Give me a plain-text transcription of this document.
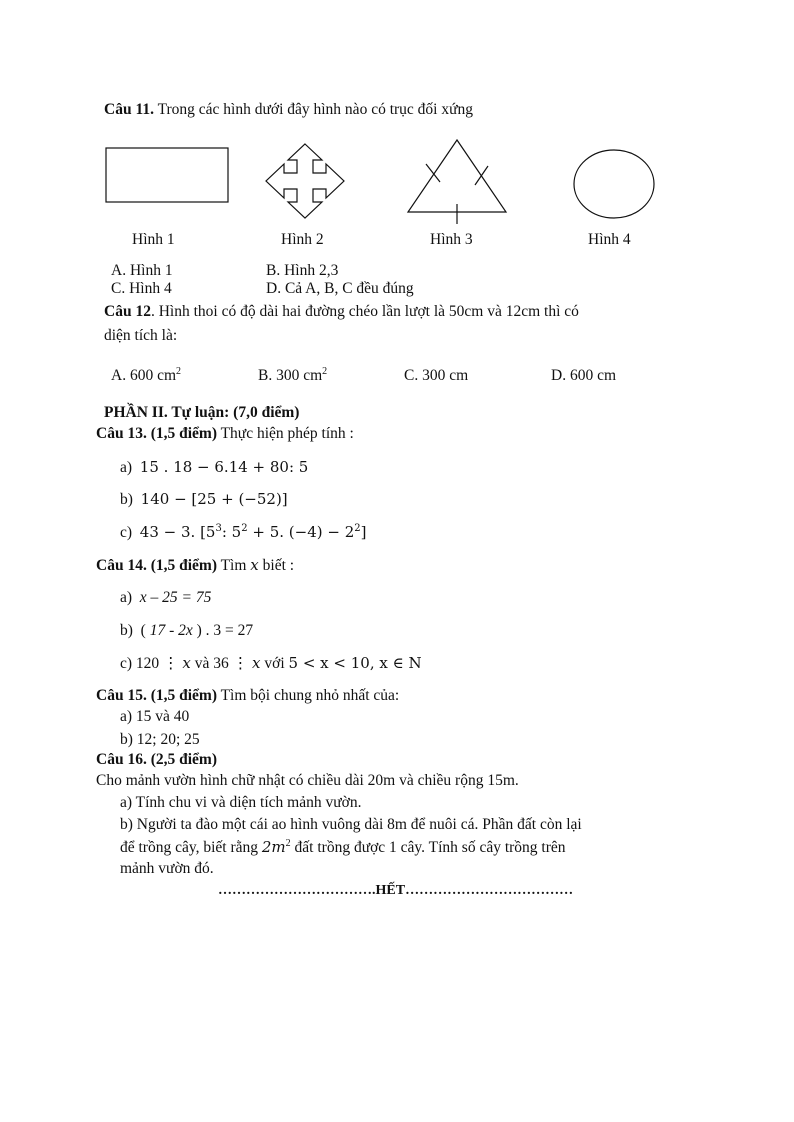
Câu 11. Trong các hình dưới đây hình nào có trục đối xứng
Hình 1	Hình 2	Hình 3	Hình 4
A. Hình 1	B. Hình 2,3
C. Hình 4	D. Cả A, B, C đều đúng
Câu 12. Hình thoi có độ dài hai đường chéo lần lượt là 50cm và 12cm thì có
diện tích là:
A. 600 $cm^2$	B. 300 $cm^2$	C. 300 cm	D. 600 cm
PHẦN II. Tự luận: (7,0 điểm)
Câu 13. (1,5 điểm) Thực hiện phép tính :
a) 15 . 18 − 6.14 + 80: 5
b) 140 − [25 + (−52)]
c) 43 − 3. [$5^3$: $5^2 + 5$. $(-4) - 2^2$]
Câu 14. (1,5 điểm) Tìm x biết :
a) x – 25 = 75
b) ( 17 - 2x ) . 3 = 27
c) 120 ⋮ x và 36 ⋮ x với 5 < x < 10, x ∈ N
Câu 15. (1,5 điểm) Tìm bội chung nhỏ nhất của:
a) 15 và 40
b) 12; 20; 25
Câu 16. (2,5 điểm)
Cho mảnh vườn hình chữ nhật có chiều dài 20m và chiều rộng 15m.
a) Tính chu vi và diện tích mảnh vườn.
b) Người ta đào một cái ao hình vuông dài 8m để nuôi cá. Phần đất còn lại
để trồng cây, biết rằng $2m^2$ đất trồng được 1 cây. Tính số cây trồng trên
mảnh vườn đó.
…………………………….HẾT………………………………
